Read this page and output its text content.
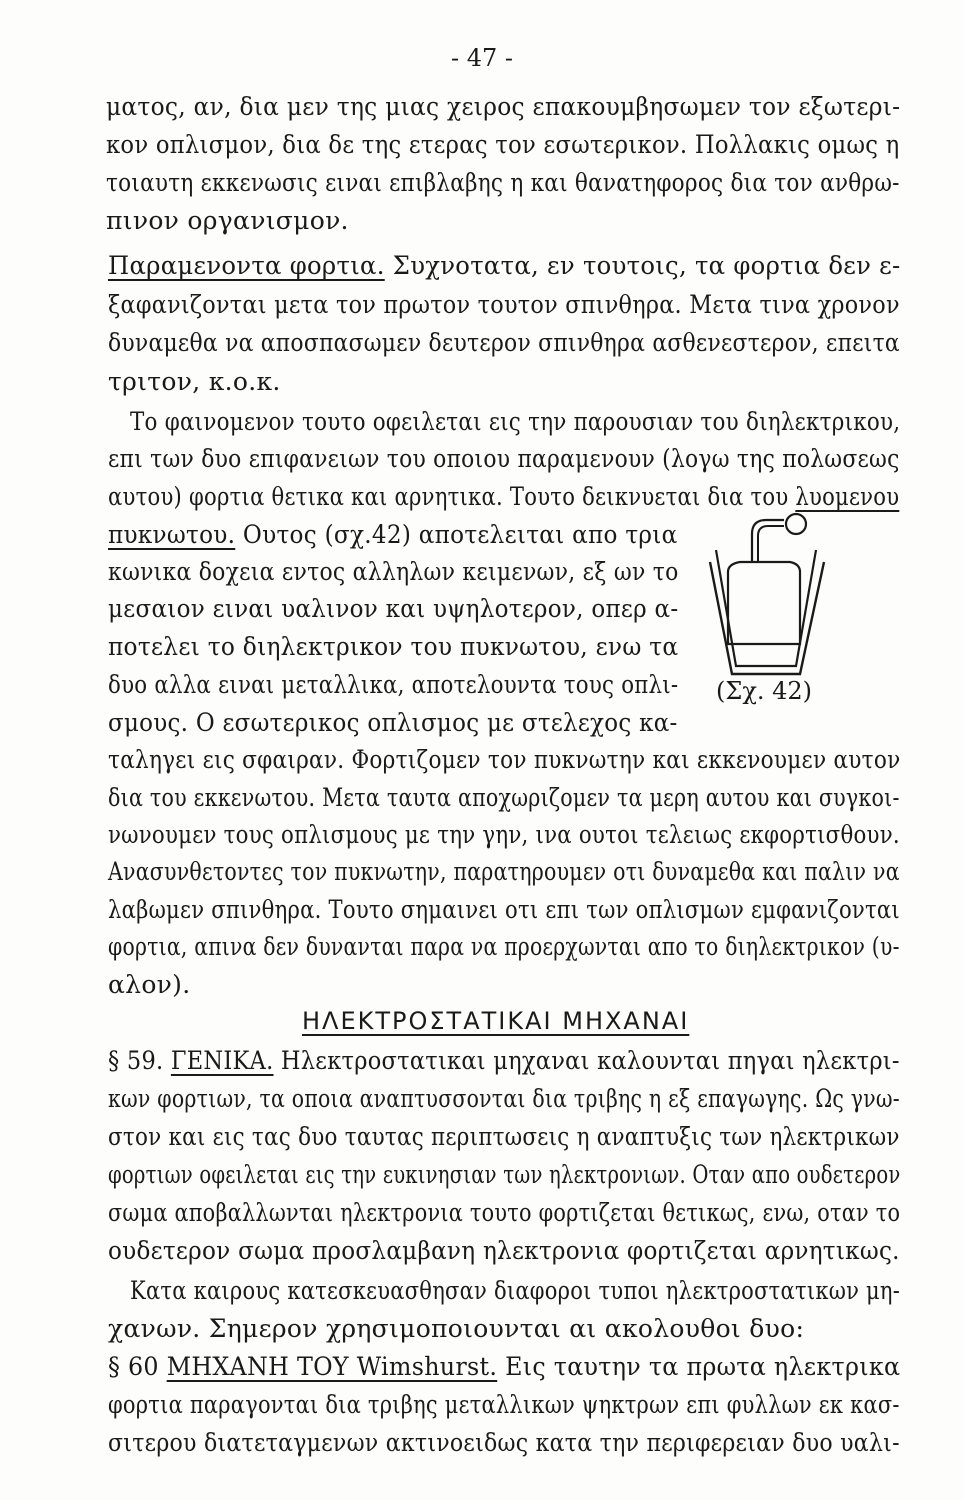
- 47 -
ματος, αν, δια μεν της μιας χειρος επακουμβησωμεν τον εξωτερι-
κον οπλισμον, δια δε της ετερας τον εσωτερικον. Πολλακις ομως η
τοιαυτη εκκενωσις ειναι επιβλαβης η και θανατηφορος δια τον ανθρω-
πινον οργανισμον.
Παραμενοντα φορτια. Συχνοτατα, εν τουτοις, τα φορτια δεν ε-
ξαφανιζονται μετα τον πρωτον τουτον σπινθηρα. Μετα τινα χρονον
δυναμεθα να αποσπασωμεν δευτερον σπινθηρα ασθενεστερον, επειτα
τριτον, κ.ο.κ.
Το φαινομενον τουτο οφειλεται εις την παρουσιαν του διηλεκτρικου,
επι των δυο επιφανειων του οποιου παραμενουν (λογω της πολωσεως
αυτου) φορτια θετικα και αρνητικα. Τουτο δεικνυεται δια του λυομενου
πυκνωτου. Ουτος (σχ.42) αποτελειται απο τρια
κωνικα δοχεια εντος αλληλων κειμενων, εξ ων το
μεσαιον ειναι υαλινον και υψηλοτερον, οπερ α-
ποτελει το διηλεκτρικον του πυκνωτου, ενω τα
δυο αλλα ειναι μεταλλικα, αποτελουντα τους οπλι-
σμους. Ο εσωτερικος οπλισμος με στελεχος κα-
ταληγει εις σφαιραν. Φορτιζομεν τον πυκνωτην και εκκενουμεν αυτον
δια του εκκενωτου. Μετα ταυτα αποχωριζομεν τα μερη αυτου και συγκοι-
νωνουμεν τους οπλισμους με την γην, ινα ουτοι τελειως εκφορτισθουν.
Ανασυνθετοντες τον πυκνωτην, παρατηρουμεν οτι δυναμεθα και παλιν να
λαβωμεν σπινθηρα. Τουτο σημαινει οτι επι των οπλισμων εμφανιζονται
φορτια, απινα δεν δυνανται παρα να προερχωνται απο το διηλεκτρικον (υ-
αλον).
ΗΛΕΚΤΡΟΣΤΑΤΙΚΑΙ ΜΗΧΑΝΑΙ
§ 59. ΓΕΝΙΚΑ. Ηλεκτροστατικαι μηχαναι καλουνται πηγαι ηλεκτρι-
κων φορτιων, τα οποια αναπτυσσονται δια τριβης η εξ επαγωγης. Ως γνω-
στον και εις τας δυο ταυτας περιπτωσεις η αναπτυξις των ηλεκτρικων
φορτιων οφειλεται εις την ευκινησιαν των ηλεκτρονιων. Οταν απο ουδετερον
σωμα αποβαλλωνται ηλεκτρονια τουτο φορτιζεται θετικως, ενω, οταν το
ουδετερον σωμα προσλαμβανη ηλεκτρονια φορτιζεται αρνητικως.
Κατα καιρους κατεσκευασθησαν διαφοροι τυποι ηλεκτροστατικων μη-
χανων. Σημερον χρησιμοποιουνται αι ακολουθοι δυο:
§ 60 ΜΗΧΑΝΗ ΤΟΥ Wimshurst. Εις ταυτην τα πρωτα ηλεκτρικα
φορτια παραγονται δια τριβης μεταλλικων ψηκτρων επι φυλλων εκ κασ-
σιτερου διατεταγμενων ακτινοειδως κατα την περιφερειαν δυο υαλι-
(Σχ. 42)
